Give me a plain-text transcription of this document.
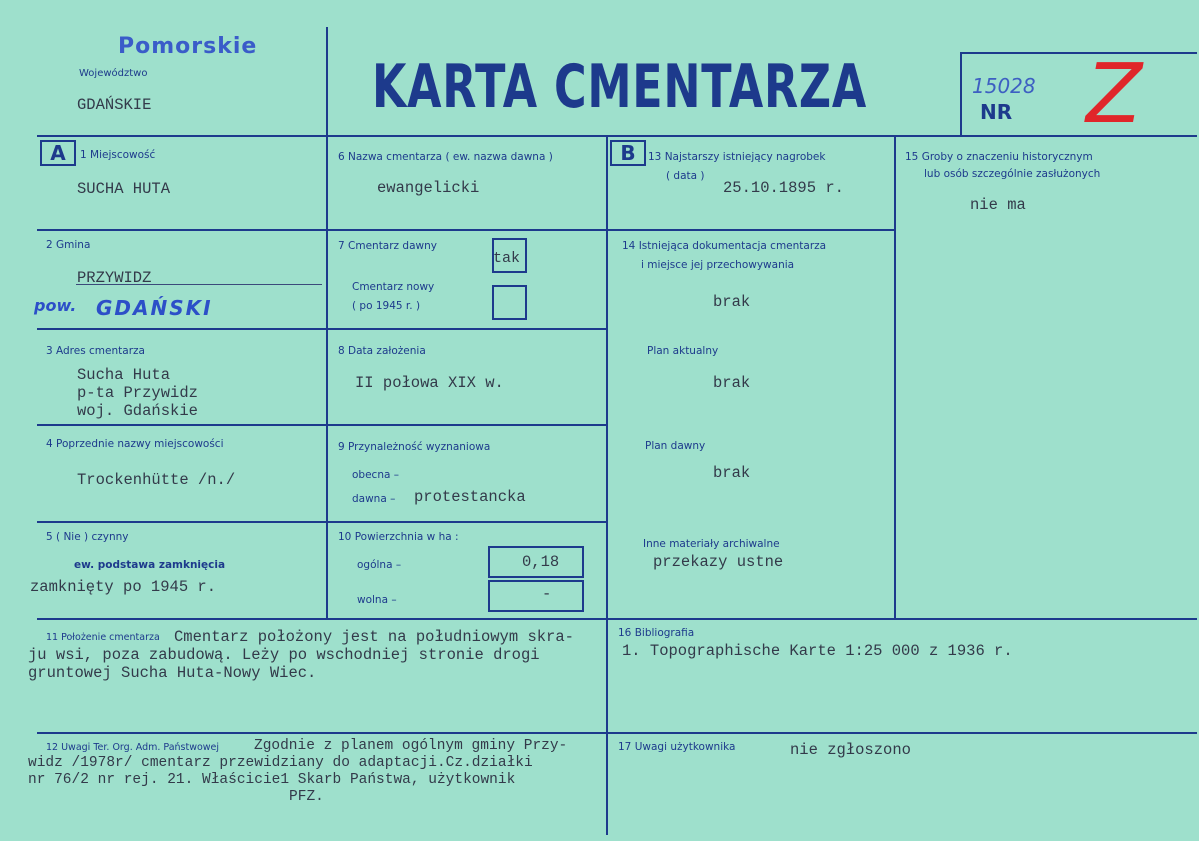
Pomorskie
Województwo
GDAŃSKIE	KARTA CMENTARZA	NR
15028 Z
A	1 Miejscowość
SUCHA HUTA
2 Gmina
PRZYWIDZ
pow. GDAŃSKI
3 Adres cmentarza
Sucha Huta
p-ta Przywidz
woj. Gdańskie
4 Poprzednie nazwy miejscowości
Trockenhütte /n./
5 ( Nie ) czynny
ew. podstawa zamknięcia
zamknięty po 1945 r.
6 Nazwa cmentarza ( ew. nazwa dawna )
ewangelicki
7 Cmentarz dawny
tak
Cmentarz nowy
( po 1945 r. )
8 Data założenia
II połowa XIX w.
9 Przynależność wyznaniowa
obecna –
dawna – protestancka
10 Powierzchnia w ha :
ogólna –	0,18
wolna –	-
B	13 Najstarszy istniejący nagrobek
( data )
25.10.1895 r.
14 Istniejąca dokumentacja cmentarza
i miejsce jej przechowywania
brak
Plan aktualny
brak
Plan dawny
brak
Inne materiały archiwalne
przekazy ustne
15 Groby o znaczeniu historycznym
lub osób szczególnie zasłużonych
nie ma
11 Położenie cmentarza Cmentarz położony jest na południowym skra-
ju wsi, poza zabudową. Leży po wschodniej stronie drogi
gruntowej Sucha Huta-Nowy Wiec.
16 Bibliografia
1. Topographische Karte 1:25 000 z 1936 r.
12 Uwagi Ter. Org. Adm. Państwowej	Zgodnie z planem ogólnym gminy Przy-
widz /1978r/ cmentarz przewidziany do adaptacji.Cz.działki
nr 76/2 nr rej. 21. Właścicie1 Skarb Państwa, użytkownik
PFZ.
17 Uwagi użytkownika	nie zgłoszono
